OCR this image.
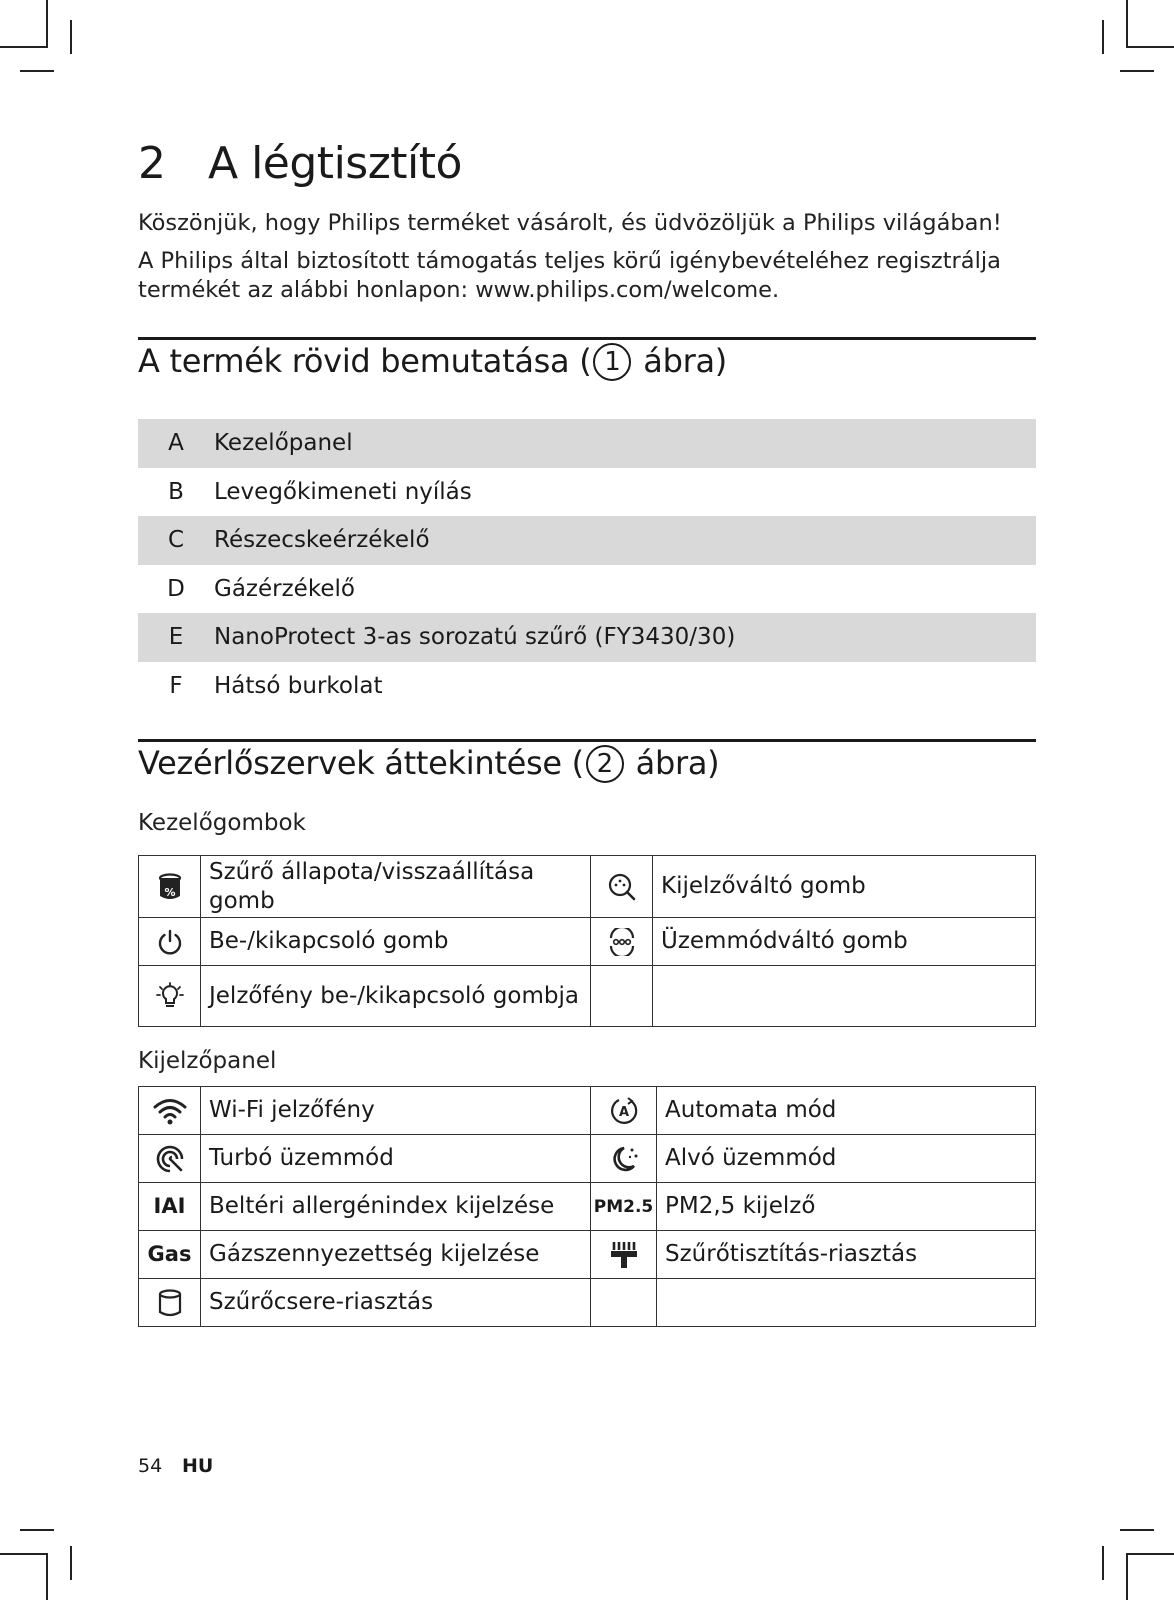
2 A légtisztító

Köszönjük, hogy Philips terméket vásárolt, és üdvözöljük a Philips világában!

A Philips által biztosított támogatás teljes körű igénybevételéhez regisztrálja termékét az alábbi honlapon: www.philips.com/welcome.

A termék rövid bemutatása ( 1 ábra)
A	Kezelőpanel
B	Levegőkimeneti nyílás
C	Részecskeérzékelő
D	Gázérzékelő
E	NanoProtect 3-as sorozatú szűrő (FY3430/30)
F	Hátsó burkolat
Vezérlőszervek áttekintése ( 2 ábra)
Kezelőgombok
%	Szűrő állapota/visszaállítása gomb		Kijelzőváltó gomb

	Be-/kikapcsoló gomb		Üzemmódváltó gomb

	Jelzőfény be-/kikapcsoló gombja		
Kijelzőpanel
	Wi-Fi jelzőfény	A	Automata mód

	Turbó üzemmód		Alvó üzemmód
IAI	Beltéri allergénindex kijelzése	PM2.5	PM2,5 kijelző
Gas	Gázszennyezettség kijelzése		Szűrőtisztítás-riasztás

	Szűrőcsere-riasztás		
54 HU
